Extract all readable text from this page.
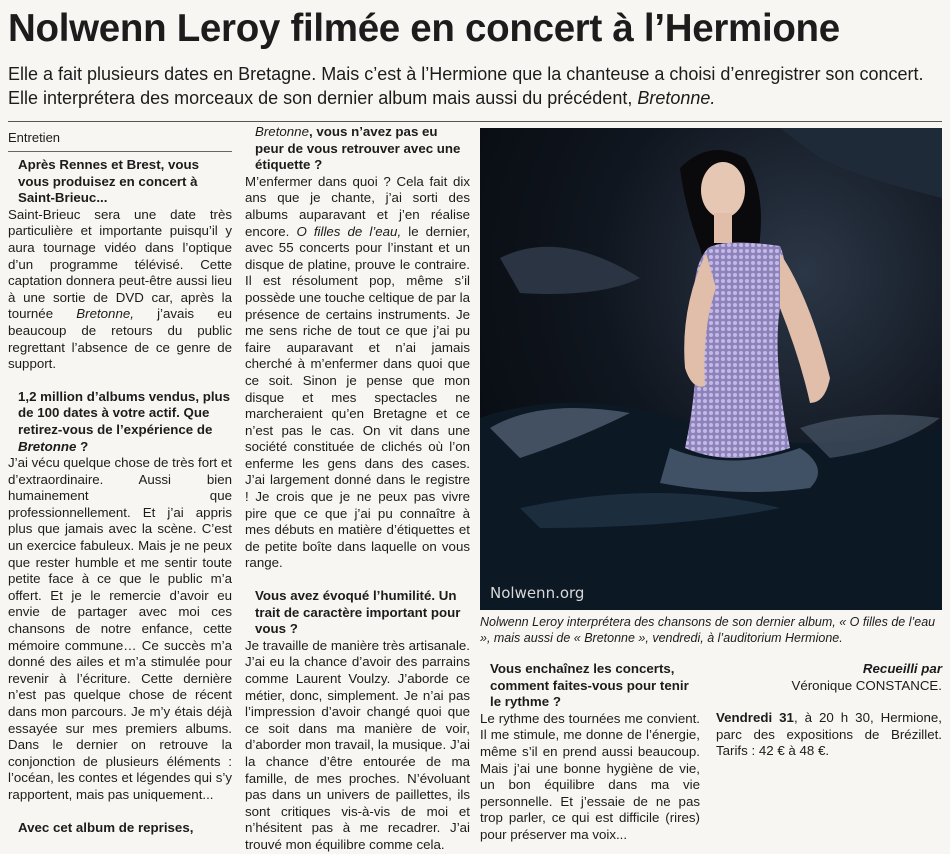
Nolwenn Leroy filmée en concert à l’Hermione

Elle a fait plusieurs dates en Bretagne. Mais c’est à l’Hermione que la chanteuse a choisi d’enregistrer son concert. Elle interprétera des morceaux de son dernier album mais aussi du précédent, Bretonne.

Entretien

Après Rennes et Brest, vous vous produisez en concert à Saint-Brieuc...

Saint-Brieuc sera une date très particulière et importante puisqu’il y aura tournage vidéo dans l’optique d’un programme télévisé. Cette captation donnera peut-être aussi lieu à une sortie de DVD car, après la tournée Bretonne, j’avais eu beaucoup de retours du public regrettant l’absence de ce genre de support.

1,2 million d’albums vendus, plus de 100 dates à votre actif. Que retirez-vous de l’expérience de Bretonne ?

J’ai vécu quelque chose de très fort et d’extraordinaire. Aussi bien humainement que professionnellement. Et j’ai appris plus que jamais avec la scène. C’est un exercice fabuleux. Mais je ne peux que rester humble et me sentir toute petite face à ce que le public m’a offert. Et je le remercie d’avoir eu envie de partager avec moi ces chansons de notre enfance, cette mémoire commune… Ce succès m’a donné des ailes et m’a stimulée pour revenir à l’écriture. Cette dernière n’est pas quelque chose de récent dans mon parcours. Je m’y étais déjà essayée sur mes premiers albums. Dans le dernier on retrouve la conjonction de plusieurs éléments : l’océan, les contes et légendes qui s’y rapportent, mais pas uniquement...

Avec cet album de reprises,

Bretonne, vous n’avez pas eu peur de vous retrouver avec une étiquette ?

M’enfermer dans quoi ? Cela fait dix ans que je chante, j’ai sorti des albums auparavant et j’en réalise encore. O filles de l’eau, le dernier, avec 55 concerts pour l’instant et un disque de platine, prouve le contraire. Il est résolument pop, même s’il possède une touche celtique de par la présence de certains instruments. Je me sens riche de tout ce que j’ai pu faire auparavant et n’ai jamais cherché à m’enfermer dans quoi que ce soit. Sinon je pense que mon disque et mes spectacles ne marcheraient qu’en Bretagne et ce n’est pas le cas. On vit dans une société constituée de clichés où l’on enferme les gens dans des cases. J’ai largement donné dans le registre ! Je crois que je ne peux pas vivre pire que ce que j’ai pu connaître à mes débuts en matière d’étiquettes et de petite boîte dans laquelle on vous range.

Vous avez évoqué l’humilité. Un trait de caractère important pour vous ?

Je travaille de manière très artisanale. J’ai eu la chance d’avoir des parrains comme Laurent Voulzy. J’aborde ce métier, donc, simplement. Je n’ai pas l’impression d’avoir changé quoi que ce soit dans ma manière de voir, d’aborder mon travail, la musique. J’ai la chance d’être entourée de ma famille, de mes proches. N’évoluant pas dans un univers de paillettes, ils sont critiques vis-à-vis de moi et n’hésitent pas à me recadrer. J’ai trouvé mon équilibre comme cela.

Nolwenn.org
Nolwenn Leroy interprétera des chansons de son dernier album, « O filles de l’eau », mais aussi de « Bretonne », vendredi, à l’auditorium Hermione.

Vous enchaînez les concerts, comment faites-vous pour tenir le rythme ?

Le rythme des tournées me convient. Il me stimule, me donne de l’énergie, même s’il en prend aussi beaucoup. Mais j’ai une bonne hygiène de vie, un bon équilibre dans ma vie personnelle. Et j’essaie de ne pas trop parler, ce qui est difficile (rires) pour préserver ma voix...

Recueilli par
Véronique CONSTANCE.

Vendredi 31, à 20 h 30, Hermione, parc des expositions de Brézillet. Tarifs : 42 € à 48 €.
